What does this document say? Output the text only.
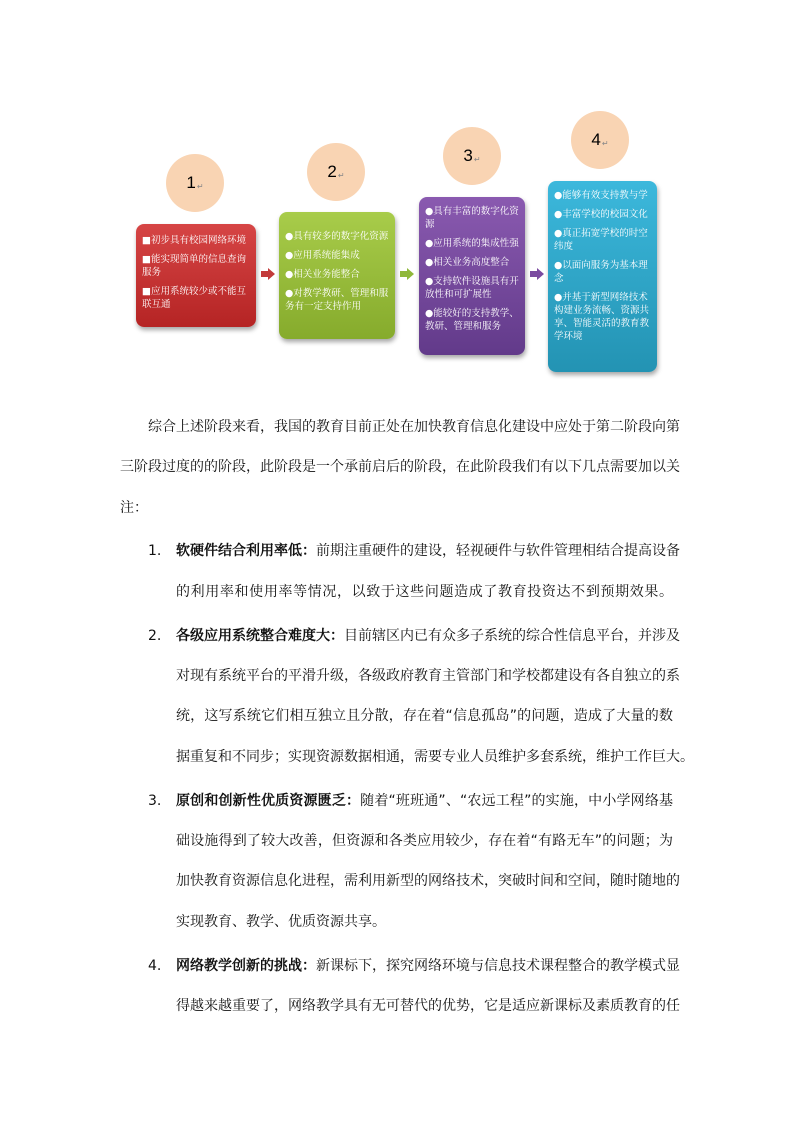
1 ↵
2 ↵
3 ↵
4 ↵

■初步具有校园网络环境

■能实现简单的信息查询服务

■应用系统较少或不能互联互通

●具有较多的数字化资源

●应用系统能集成

●相关业务能整合

●对教学教研、管理和服务有一定支持作用

●具有丰富的数字化资源

●应用系统的集成性强

●相关业务高度整合

●支持软件设施具有开放性和可扩展性

●能较好的支持教学、教研、管理和服务

●能够有效支持教与学

●丰富学校的校园文化

●真正拓宽学校的时空纬度

●以面向服务为基本理念

●并基于新型网络技术构建业务流畅、资源共享、智能灵活的教育教学环境

综合上述阶段来看，我国的教育目前正处在加快教育信息化建设中应处于第二阶段向第
三阶段过度的的阶段，此阶段是一个承前启后的阶段，在此阶段我们有以下几点需要加以关
注：
1. 软硬件结合利用率低：前期注重硬件的建设，轻视硬件与软件管理相结合提高设备
的利用率和使用率等情况，以致于这些问题造成了教育投资达不到预期效果。
2. 各级应用系统整合难度大：目前辖区内已有众多子系统的综合性信息平台，并涉及
对现有系统平台的平滑升级，各级政府教育主管部门和学校都建设有各自独立的系
统，这写系统它们相互独立且分散，存在着“信息孤岛”的问题，造成了大量的数
据重复和不同步；实现资源数据相通，需要专业人员维护多套系统，维护工作巨大。
3. 原创和创新性优质资源匮乏：随着“班班通”、“农远工程”的实施，中小学网络基
础设施得到了较大改善，但资源和各类应用较少，存在着“有路无车”的问题；为
加快教育资源信息化进程，需利用新型的网络技术，突破时间和空间，随时随地的
实现教育、教学、优质资源共享。
4. 网络教学创新的挑战：新课标下，探究网络环境与信息技术课程整合的教学模式显
得越来越重要了，网络教学具有无可替代的优势，它是适应新课标及素质教育的任
